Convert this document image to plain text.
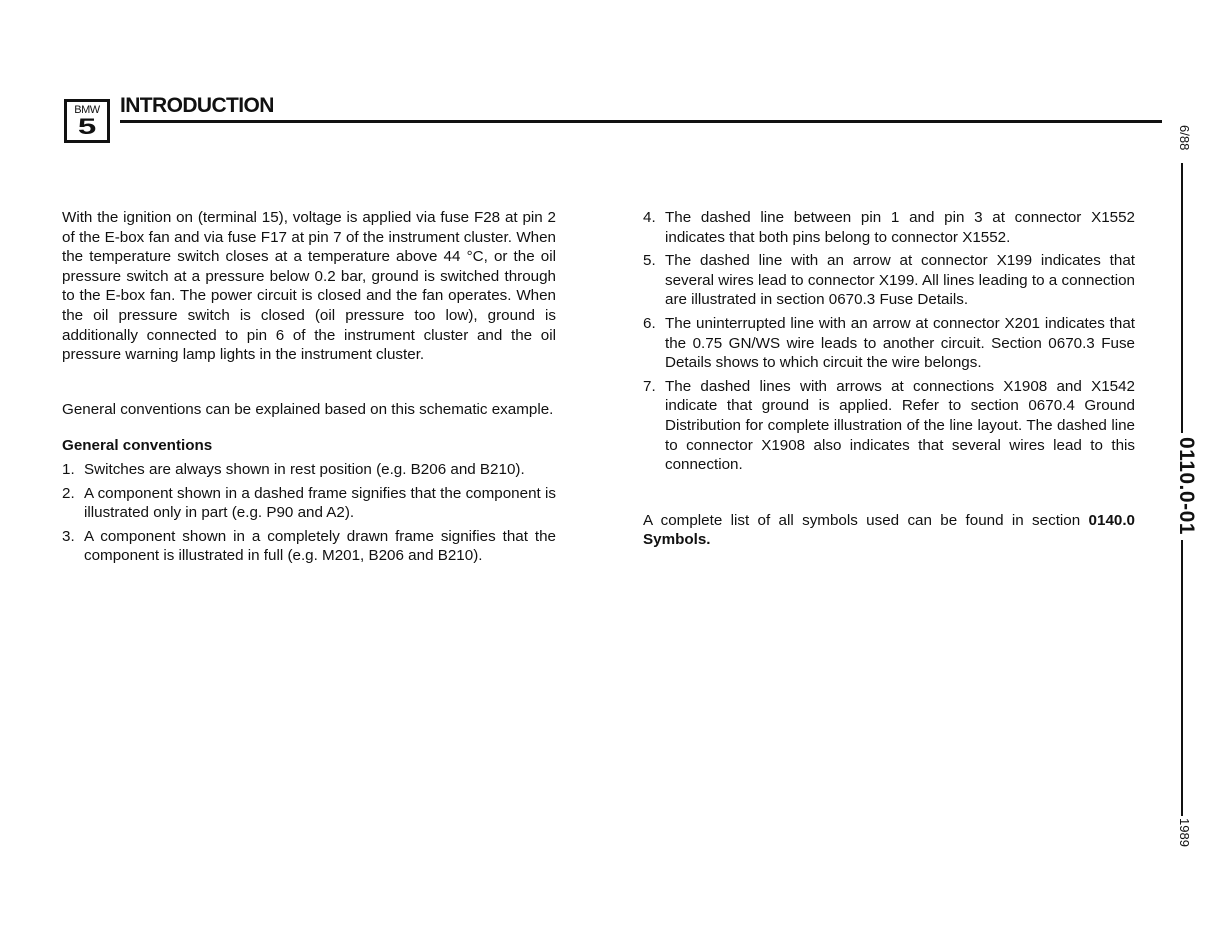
BMW
5
INTRODUCTION

With the ignition on (terminal 15), voltage is applied via fuse F28 at pin 2 of the E-box fan and via fuse F17 at pin 7 of the instrument cluster. When the temperature switch closes at a temperature above 44 °C, or the oil pressure switch at a pressure below 0.2 bar, ground is switched through to the E-box fan. The power circuit is closed and the fan operates. When the oil pressure switch is closed (oil pressure too low), ground is additionally connected to pin 6 of the instrument cluster and the oil pressure warning lamp lights in the instrument cluster.

General conventions can be explained based on this schematic example.

General conventions

1. Switches are always shown in rest position (e.g. B206 and B210).
2. A component shown in a dashed frame signifies that the component is illustrated only in part (e.g. P90 and A2).
3. A component shown in a completely drawn frame signifies that the component is illustrated in full (e.g. M201, B206 and B210).
4. The dashed line between pin 1 and pin 3 at connector X1552 indicates that both pins belong to connector X1552.
5. The dashed line with an arrow at connector X199 indicates that several wires lead to connector X199. All lines leading to a connection are illustrated in section 0670.3 Fuse Details.
6. The uninterrupted line with an arrow at connector X201 indicates that the 0.75 GN/WS wire leads to another circuit. Section 0670.3 Fuse Details shows to which circuit the wire belongs.
7. The dashed lines with arrows at connections X1908 and X1542 indicate that ground is applied. Refer to section 0670.4 Ground Distribution for complete illustration of the line layout. The dashed line to connector X1908 also indicates that several wires lead to this connection.

A complete list of all symbols used can be found in section 0140.0 Symbols.

6/88
0110.0-01
1989
